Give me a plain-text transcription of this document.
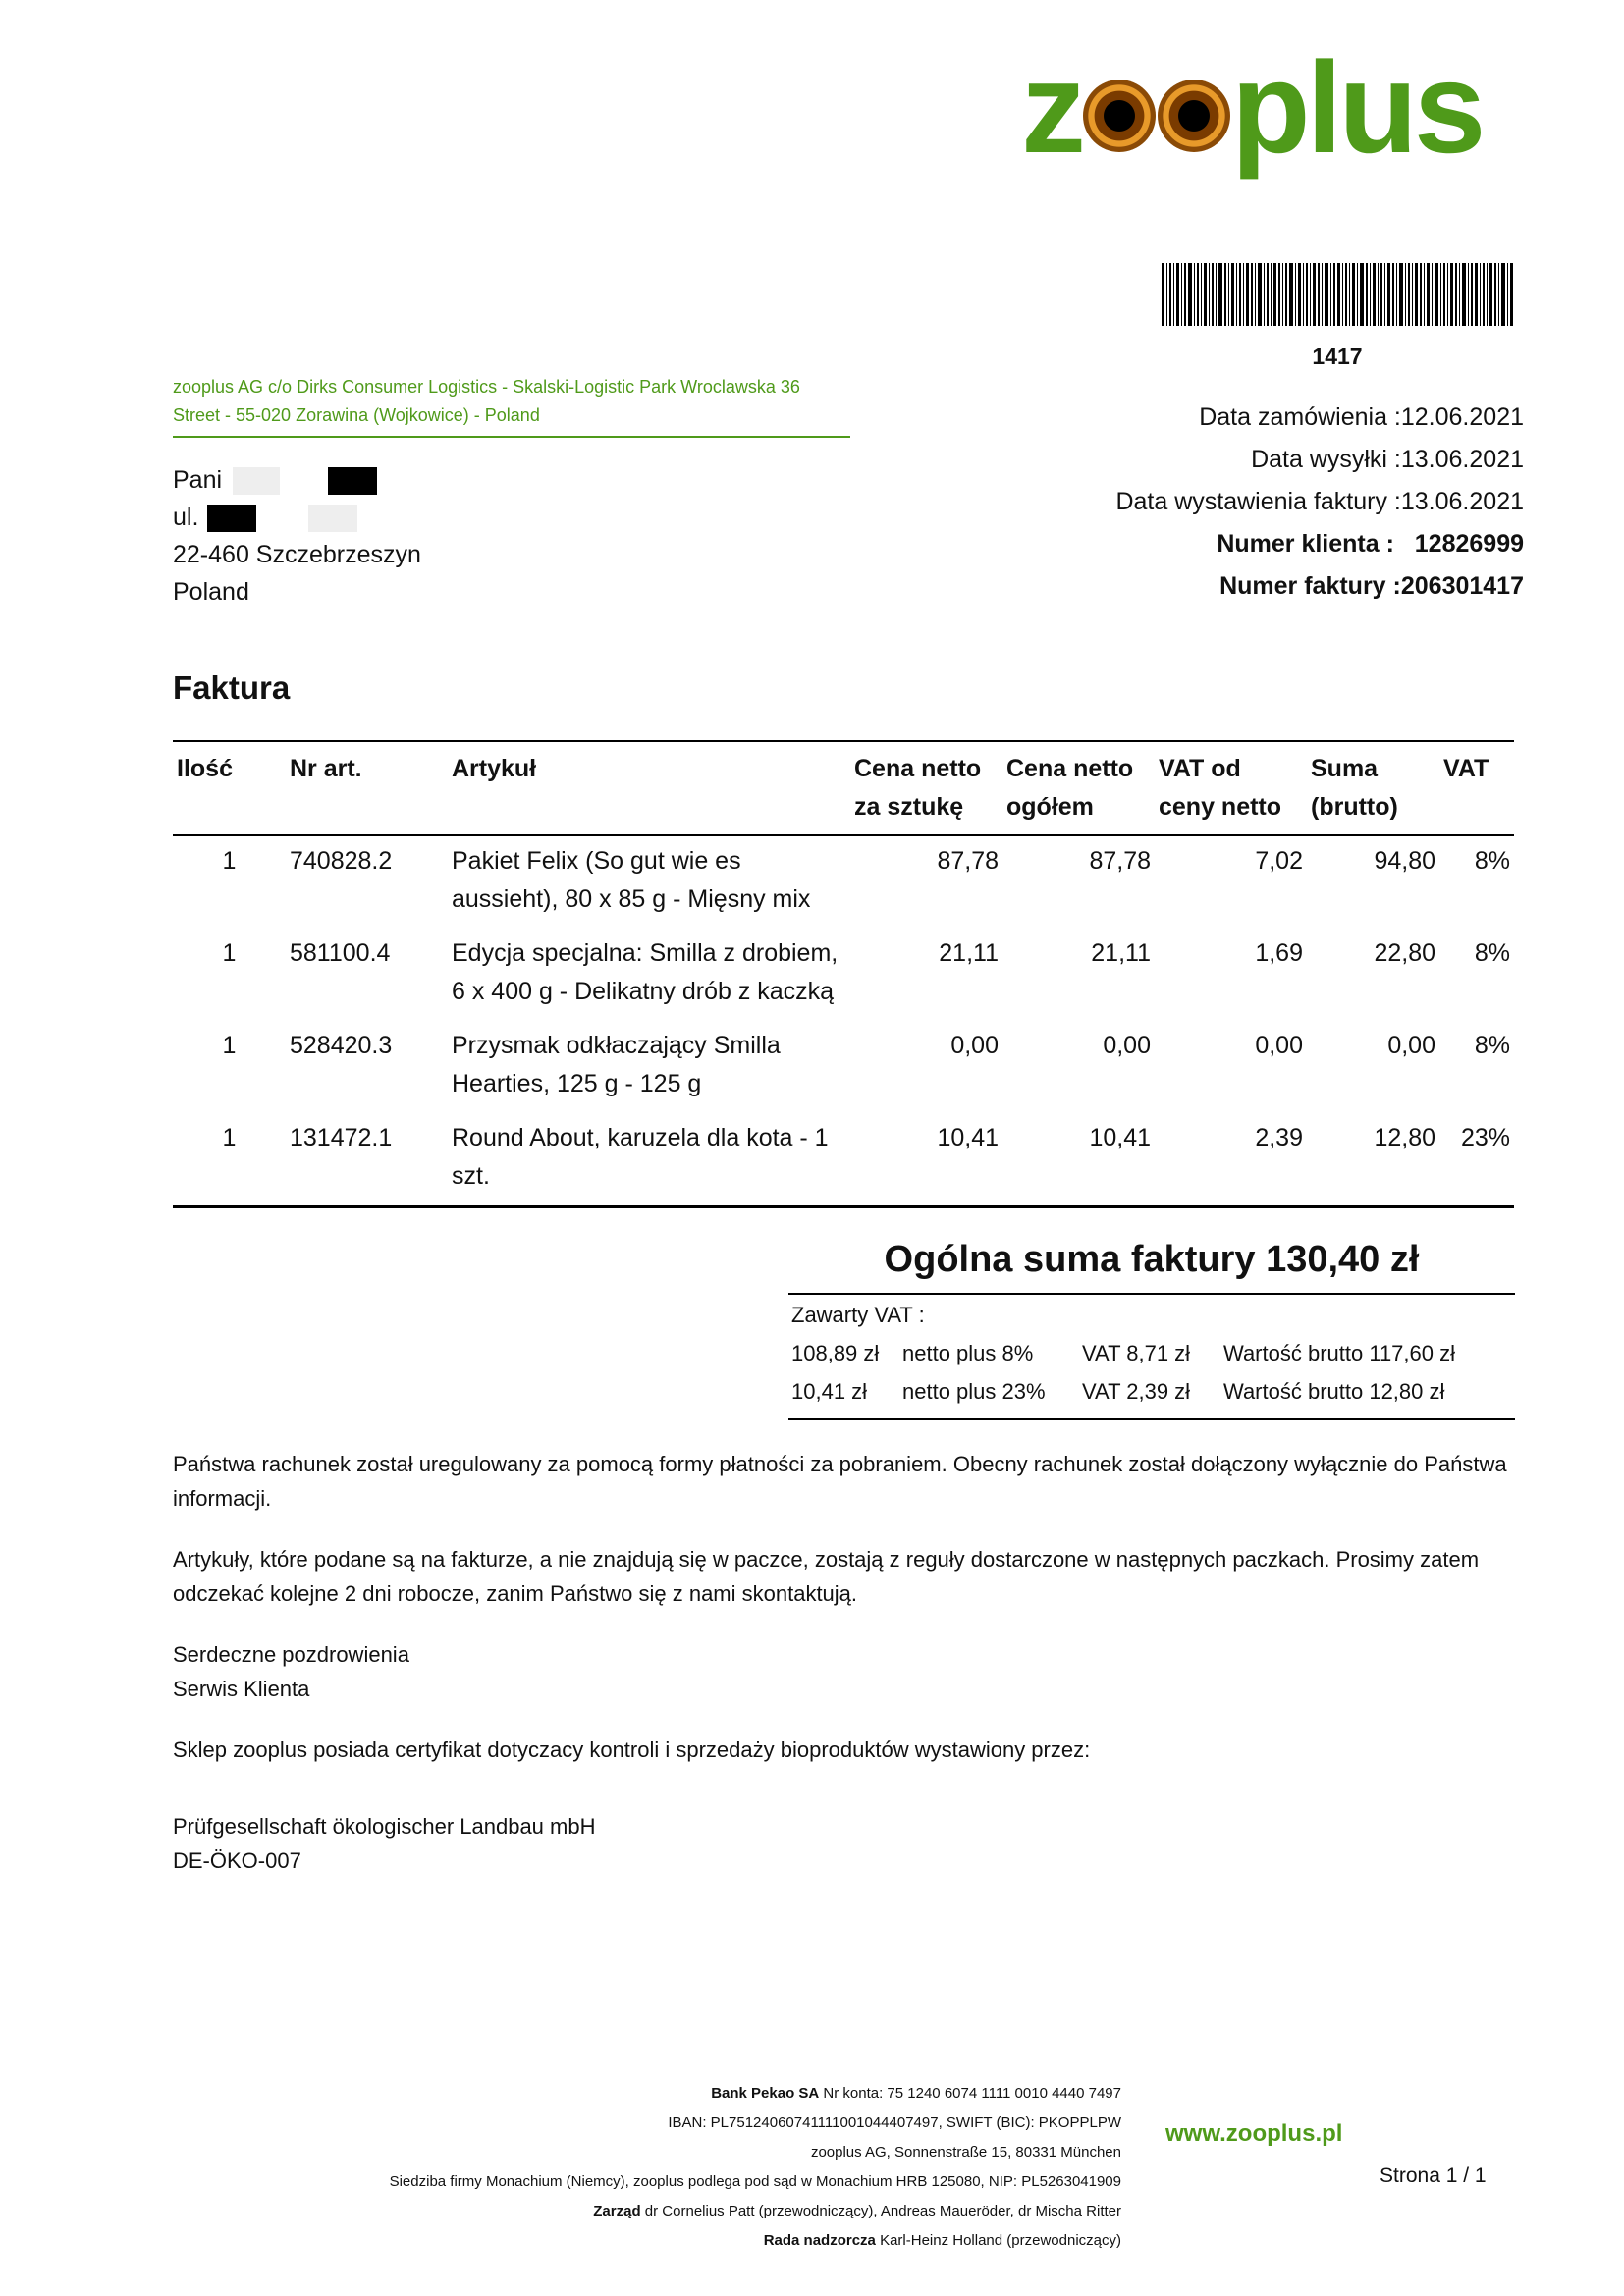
z plus
1417
zooplus AG c/o Dirks Consumer Logistics - Skalski-Logistic Park Wroclawska 36
Street - 55-020 Zorawina (Wojkowice) - Poland
Pani
ul.
22-460 Szczebrzeszyn
Poland
Data zamówienia :12.06.2021
Data wysyłki :13.06.2021
Data wystawienia faktury :13.06.2021
Numer klienta : 12826999
Numer faktury :206301417
Faktura
Ilość	Nr art.	Artykuł	Cena netto za sztukę	Cena netto ogółem	VAT od ceny netto	Suma (brutto)	VAT
1	740828.2	Pakiet Felix (So gut wie es aussieht), 80 x 85 g - Mięsny mix	87,78	87,78	7,02	94,80	8%
1	581100.4	Edycja specjalna: Smilla z drobiem, 6 x 400 g - Delikatny drób z kaczką	21,11	21,11	1,69	22,80	8%
1	528420.3	Przysmak odkłaczający Smilla Hearties, 125 g - 125 g	0,00	0,00	0,00	0,00	8%
1	131472.1	Round About, karuzela dla kota - 1 szt.	10,41	10,41	2,39	12,80	23%
Ogólna suma faktury 130,40 zł
Zawarty VAT :
108,89 zł	netto plus 8%	VAT 8,71 zł	Wartość brutto 117,60 zł
10,41 zł	netto plus 23%	VAT 2,39 zł	Wartość brutto 12,80 zł
Państwa rachunek został uregulowany za pomocą formy płatności za pobraniem. Obecny rachunek został dołączony wyłącznie do Państwa informacji.
Artykuły, które podane są na fakturze, a nie znajdują się w paczce, zostają z reguły dostarczone w następnych paczkach. Prosimy zatem odczekać kolejne 2 dni robocze, zanim Państwo się z nami skontaktują.
Serdeczne pozdrowienia
Serwis Klienta
Sklep zooplus posiada certyfikat dotyczacy kontroli i sprzedaży bioproduktów wystawiony przez:
Prüfgesellschaft ökologischer Landbau mbH
DE-ÖKO-007
Bank Pekao SA Nr konta: 75 1240 6074 1111 0010 4440 7497
IBAN: PL75124060741111001044407497, SWIFT (BIC): PKOPPLPW
zooplus AG, Sonnenstraße 15, 80331 München
Siedziba firmy Monachium (Niemcy), zooplus podlega pod sąd w Monachium HRB 125080, NIP: PL5263041909
Zarząd dr Cornelius Patt (przewodniczący), Andreas Maueröder, dr Mischa Ritter
Rada nadzorcza Karl-Heinz Holland (przewodniczący)
www.zooplus.pl
Strona 1 / 1
